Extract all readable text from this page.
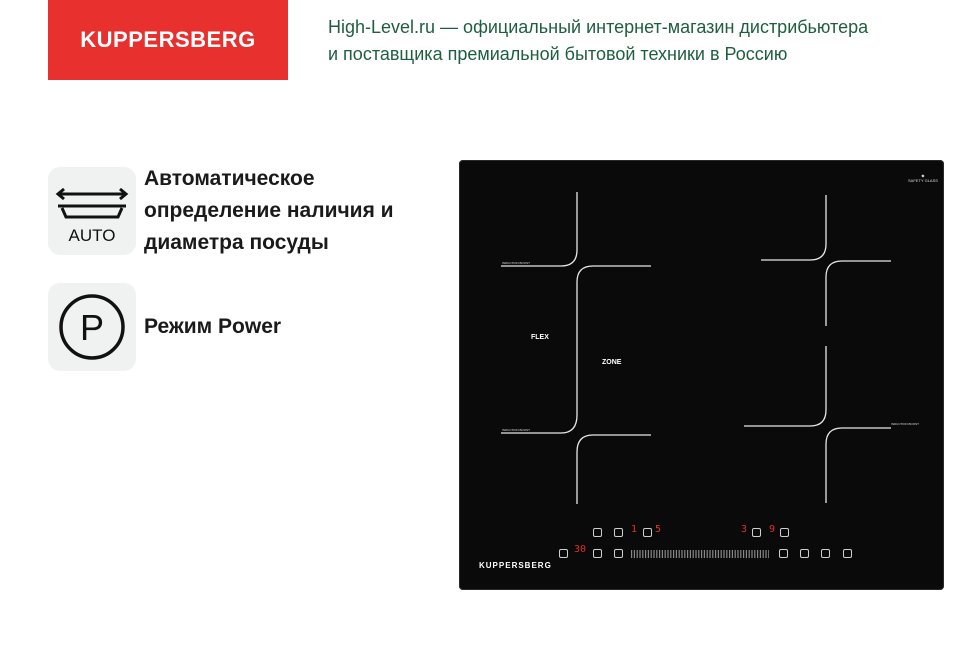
KUPPERSBERG	High-Level.ru — официальный интернет-магазин дистрибьютера
и поставщика премиальной бытовой техники в Россию
AUTO
Автоматическое определение наличия и диаметра посуды
P Режим Power
◆
SAFETY GLASS
INDUCTION BOOST
INDUCTION BOOST
INDUCTION BOOST
FLEX
ZONE
KUPPERSBERG
1 5	3 9
30
